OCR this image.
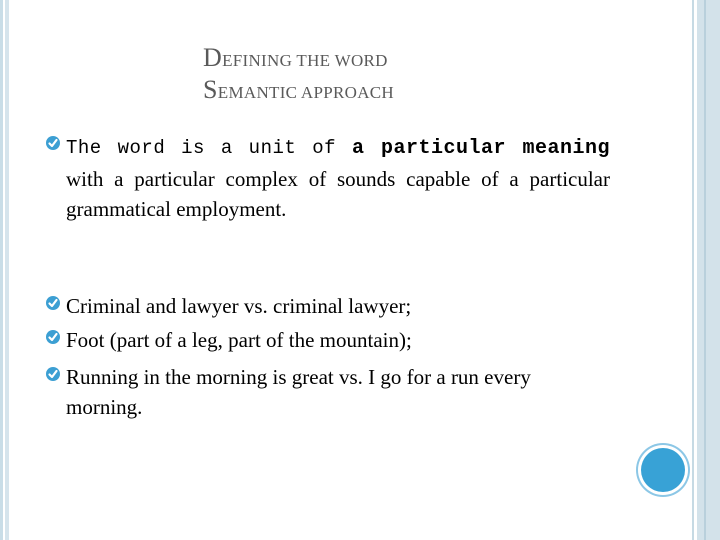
DEFINING THE WORD
SEMANTIC APPROACH
The word is a unit of a particular meaning with a particular complex of sounds capable of a particular grammatical employment.
Criminal and lawyer vs. criminal lawyer;
Foot (part of a leg, part of the mountain);
Running in the morning is great vs. I go for a run every morning.
